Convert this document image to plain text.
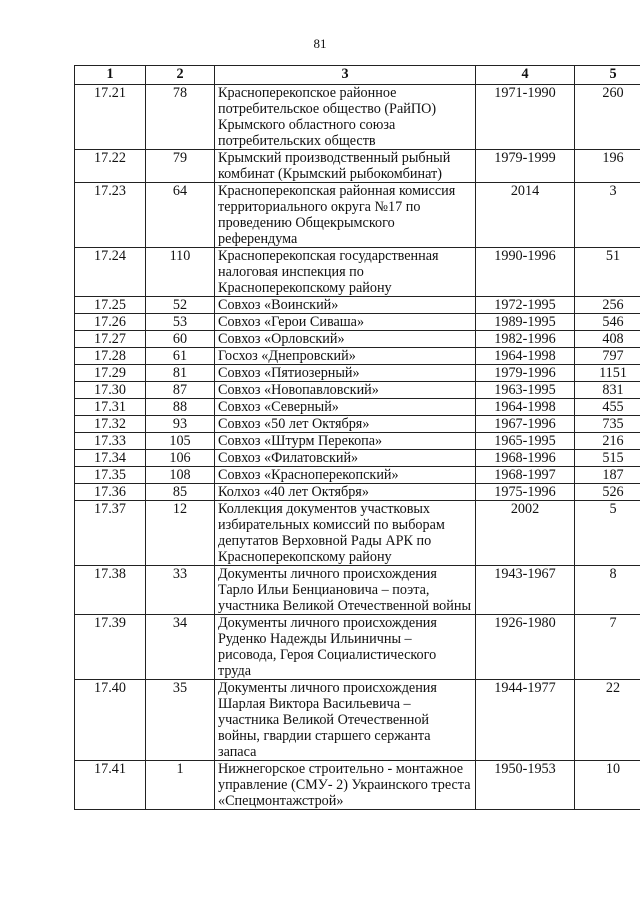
81
1	2	3	4	5
17.21	78	Красноперекопское районное потребительское общество (РайПО) Крымского областного союза потребительских обществ	1971-1990	260
17.22	79	Крымский производственный рыбный комбинат (Крымский рыбокомбинат)	1979-1999	196
17.23	64	Красноперекопская районная комиссия территориального округа №17 по проведению Общекрымского референдума	2014	3
17.24	110	Красноперекопская государственная налоговая инспекция по Красноперекопскому району	1990-1996	51
17.25	52	Совхоз «Воинский»	1972-1995	256
17.26	53	Совхоз «Герои Сиваша»	1989-1995	546
17.27	60	Совхоз «Орловский»	1982-1996	408
17.28	61	Госхоз «Днепровский»	1964-1998	797
17.29	81	Совхоз «Пятиозерный»	1979-1996	1151
17.30	87	Совхоз «Новопавловский»	1963-1995	831
17.31	88	Совхоз «Северный»	1964-1998	455
17.32	93	Совхоз «50 лет Октября»	1967-1996	735
17.33	105	Совхоз «Штурм Перекопа»	1965-1995	216
17.34	106	Совхоз «Филатовский»	1968-1996	515
17.35	108	Совхоз «Красноперекопский»	1968-1997	187
17.36	85	Колхоз «40 лет Октября»	1975-1996	526
17.37	12	Коллекция документов участковых избирательных комиссий по выборам депутатов Верховной Рады АРК по Красноперекопскому району	2002	5
17.38	33	Документы личного происхождения Тарло Ильи Бенциановича – поэта, участника Великой Отечественной войны	1943-1967	8
17.39	34	Документы личного происхождения Руденко Надежды Ильиничны – рисовода, Героя Социалистического труда	1926-1980	7
17.40	35	Документы личного происхождения Шарлая Виктора Васильевича – участника Великой Отечественной войны, гвардии старшего сержанта запаса	1944-1977	22
17.41	1	Нижнегорское строительно - монтажное управление (СМУ- 2) Украинского треста «Спецмонтажстрой»	1950-1953	10
